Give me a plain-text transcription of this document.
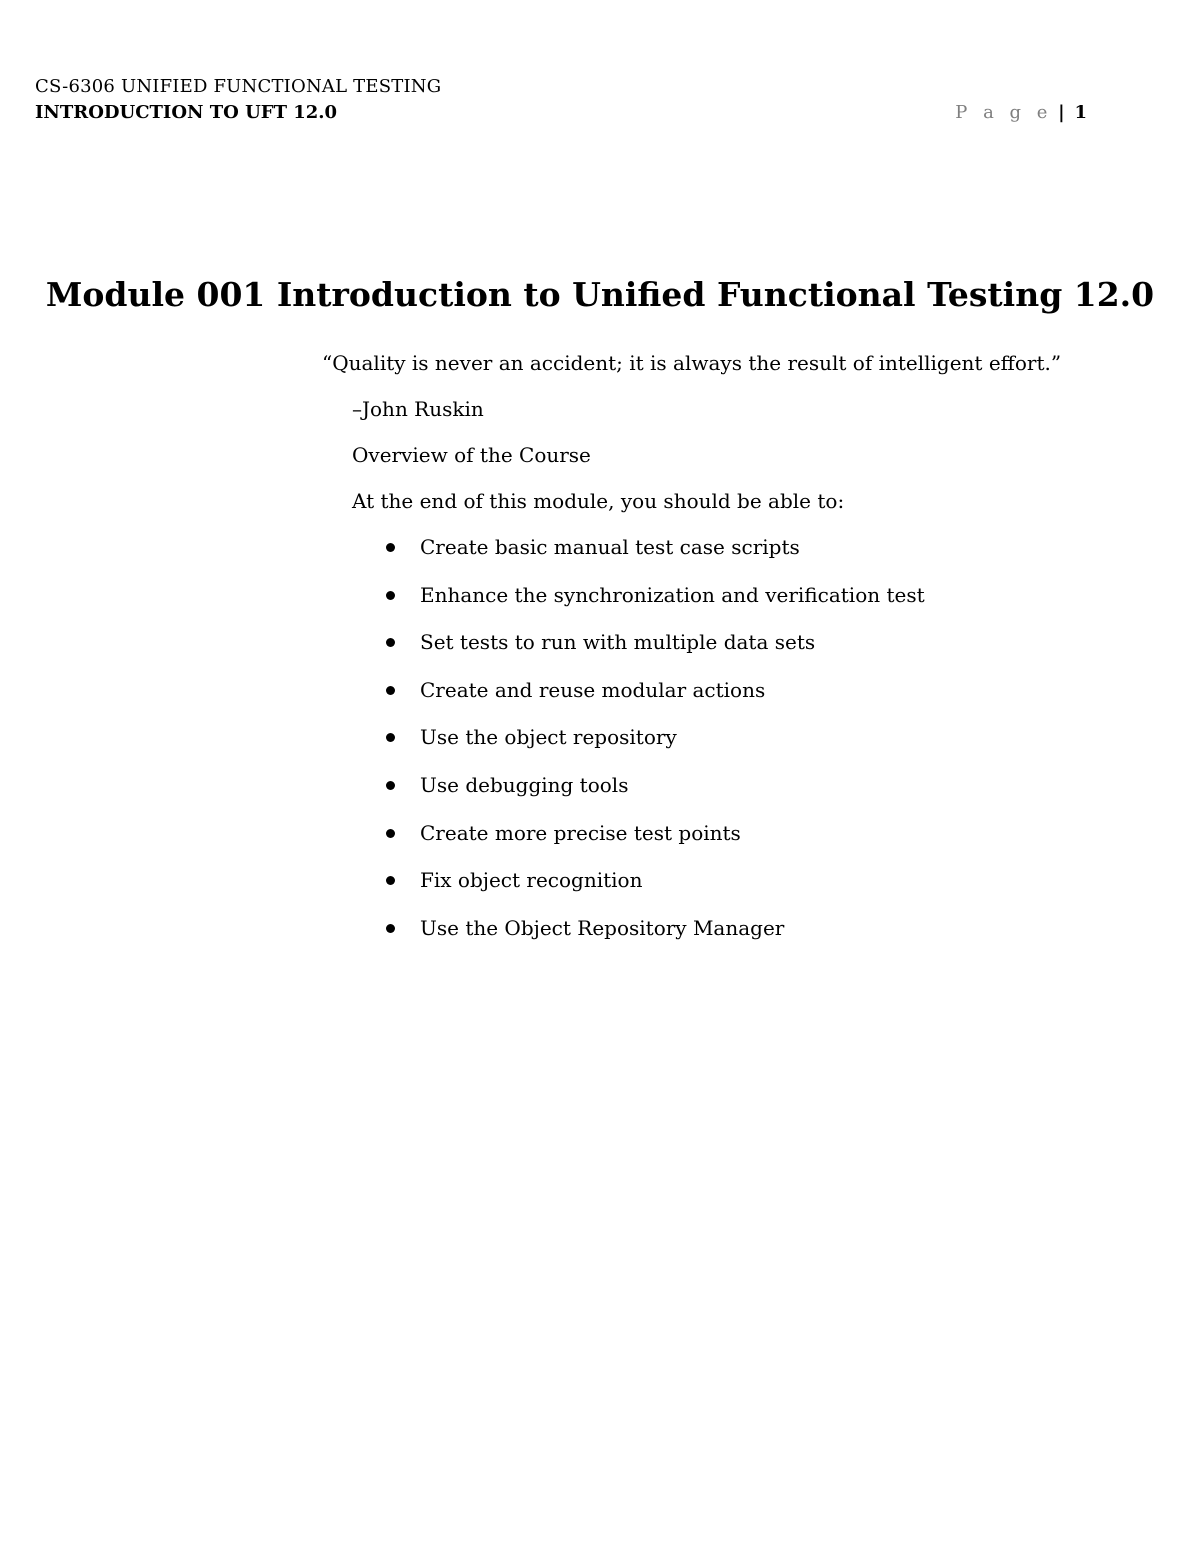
CS-6306 UNIFIED FUNCTIONAL TESTING
INTRODUCTION TO UFT 12.0	P a g e | 1
Module 001 Introduction to Unified Functional Testing 12.0
“Quality is never an accident; it is always the result of intelligent effort.”
–John Ruskin
Overview of the Course
At the end of this module, you should be able to:
Create basic manual test case scripts
Enhance the synchronization and verification test
Set tests to run with multiple data sets
Create and reuse modular actions
Use the object repository
Use debugging tools
Create more precise test points
Fix object recognition
Use the Object Repository Manager
